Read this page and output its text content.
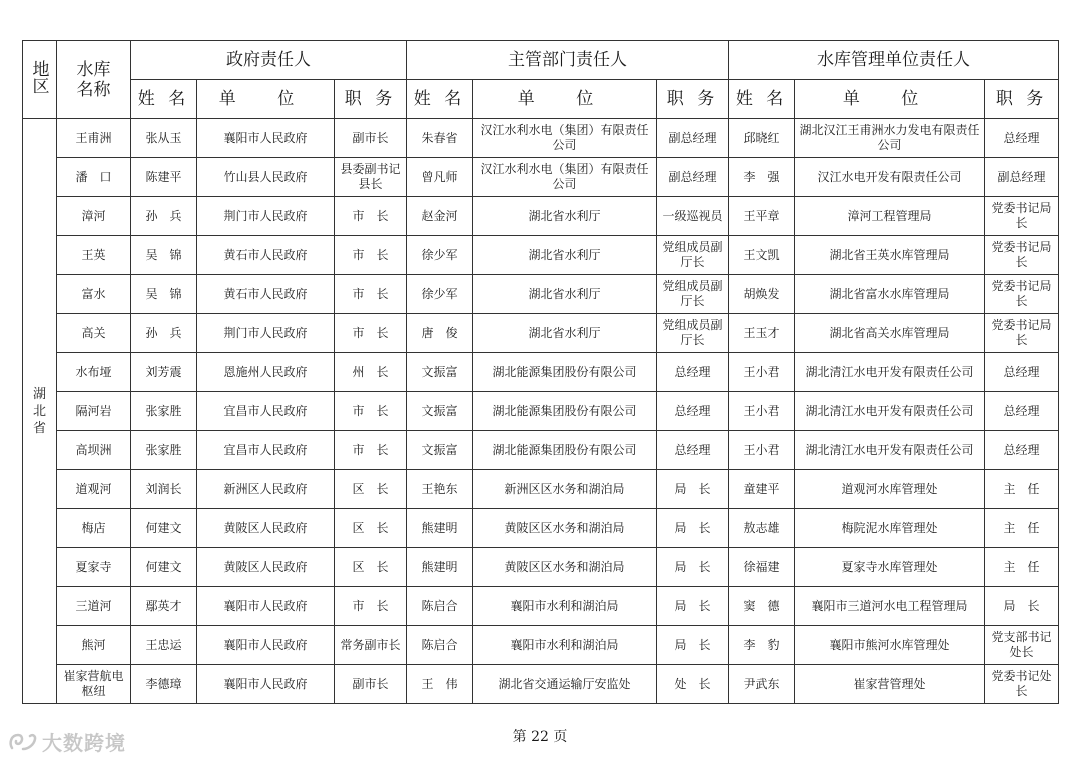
地区	水库名称	政府责任人			主管部门责任人			水库管理单位责任人		
		姓 名	单 位	职 务	姓 名	单 位	职 务	姓 名	单 位	职 务
湖北省	王甫洲	张从玉	襄阳市人民政府	副市长	朱春省	汉江水利水电（集团）有限责任公司	副总经理	邱晓红	湖北汉江王甫洲水力发电有限责任公司	总经理
	潘　口	陈建平	竹山县人民政府	县委副书记县长	曾凡师	汉江水利水电（集团）有限责任公司	副总经理	李　强	汉江水电开发有限责任公司	副总经理
	漳河	孙　兵	荆门市人民政府	市　长	赵金河	湖北省水利厅	一级巡视员	王平章	漳河工程管理局	党委书记局长
	王英	吴　锦	黄石市人民政府	市　长	徐少军	湖北省水利厅	党组成员副厅长	王文凯	湖北省王英水库管理局	党委书记局长
	富水	吴　锦	黄石市人民政府	市　长	徐少军	湖北省水利厅	党组成员副厅长	胡焕发	湖北省富水水库管理局	党委书记局长
	高关	孙　兵	荆门市人民政府	市　长	唐　俊	湖北省水利厅	党组成员副厅长	王玉才	湖北省高关水库管理局	党委书记局长
	水布垭	刘芳震	恩施州人民政府	州　长	文振富	湖北能源集团股份有限公司	总经理	王小君	湖北清江水电开发有限责任公司	总经理
	隔河岩	张家胜	宜昌市人民政府	市　长	文振富	湖北能源集团股份有限公司	总经理	王小君	湖北清江水电开发有限责任公司	总经理
	高坝洲	张家胜	宜昌市人民政府	市　长	文振富	湖北能源集团股份有限公司	总经理	王小君	湖北清江水电开发有限责任公司	总经理
	道观河	刘润长	新洲区人民政府	区　长	王艳东	新洲区区水务和湖泊局	局　长	童建平	道观河水库管理处	主　任
	梅店	何建文	黄陂区人民政府	区　长	熊建明	黄陂区区水务和湖泊局	局　长	敖志雄	梅院泥水库管理处	主　任
	夏家寺	何建文	黄陂区人民政府	区　长	熊建明	黄陂区区水务和湖泊局	局　长	徐福建	夏家寺水库管理处	主　任
	三道河	鄢英才	襄阳市人民政府	市　长	陈启合	襄阳市水利和湖泊局	局　长	窦　德	襄阳市三道河水电工程管理局	局　长
	熊河	王忠运	襄阳市人民政府	常务副市长	陈启合	襄阳市水利和湖泊局	局　长	李　豹	襄阳市熊河水库管理处	党支部书记处长
	崔家营航电枢纽	李德璋	襄阳市人民政府	副市长	王　伟	湖北省交通运输厅安监处	处　长	尹武东	崔家营管理处	党委书记处长
第 22 页
大数跨境
